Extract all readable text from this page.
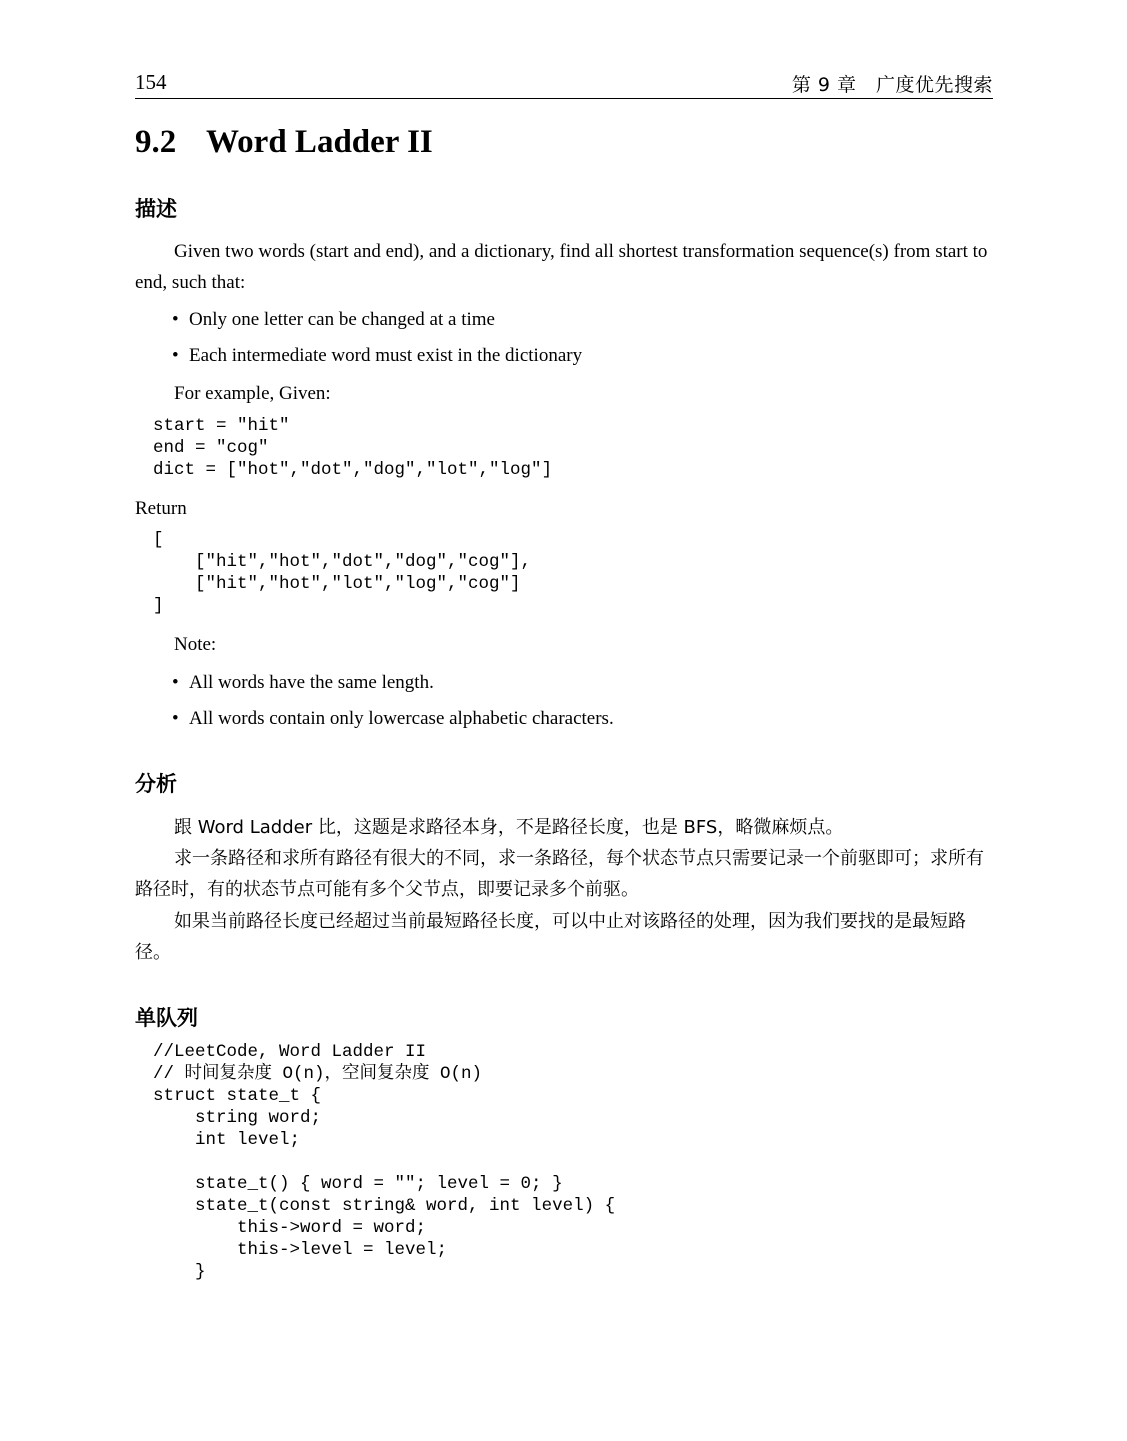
154	第 9 章　广度优先搜索
9.2 Word Ladder II
描述

Given two words (start and end), and a dictionary, find all shortest transformation sequence(s) from start to end, such that:

• Only one letter can be changed at a time

• Each intermediate word must exist in the dictionary

For example, Given:

start = "hit"
end = "cog"
dict = ["hot","dot","dog","lot","log"]

Return

[
["hit","hot","dot","dog","cog"],
["hit","hot","lot","log","cog"]
]

Note:

• All words have the same length.

• All words contain only lowercase alphabetic characters.

分析

跟 Word Ladder 比，这题是求路径本身，不是路径长度，也是 BFS，略微麻烦点。

求一条路径和求所有路径有很大的不同，求一条路径，每个状态节点只需要记录一个前驱即可；求所有路径时，有的状态节点可能有多个父节点，即要记录多个前驱。

如果当前路径长度已经超过当前最短路径长度，可以中止对该路径的处理，因为我们要找的是最短路径。

单队列
//LeetCode, Word Ladder II
// 时间复杂度 O(n)，空间复杂度 O(n)
struct state_t {
string word;
int level;
state_t() { word = ""; level = 0; }
state_t(const string& word, int level) {
this->word = word;
this->level = level;
}
